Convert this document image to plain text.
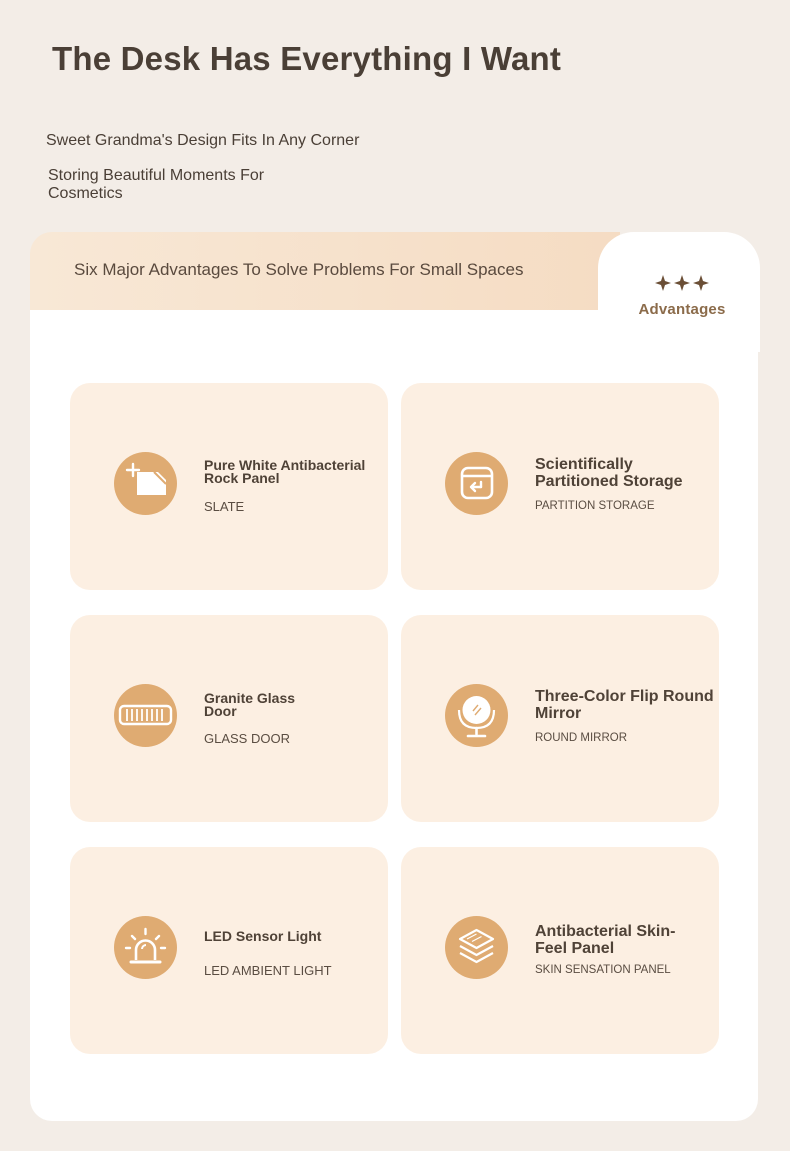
The Desk Has Everything I Want
Sweet Grandma's Design Fits In Any Corner
Storing Beautiful Moments For Cosmetics
Six Major Advantages To Solve Problems For Small Spaces
Advantages
Pure White Antibacterial Rock Panel
SLATE
Scientifically Partitioned Storage
PARTITION STORAGE
Granite Glass Door
GLASS DOOR
Three-Color Flip Round Mirror
ROUND MIRROR
LED Sensor Light
LED AMBIENT LIGHT
Antibacterial Skin-Feel Panel
SKIN SENSATION PANEL
